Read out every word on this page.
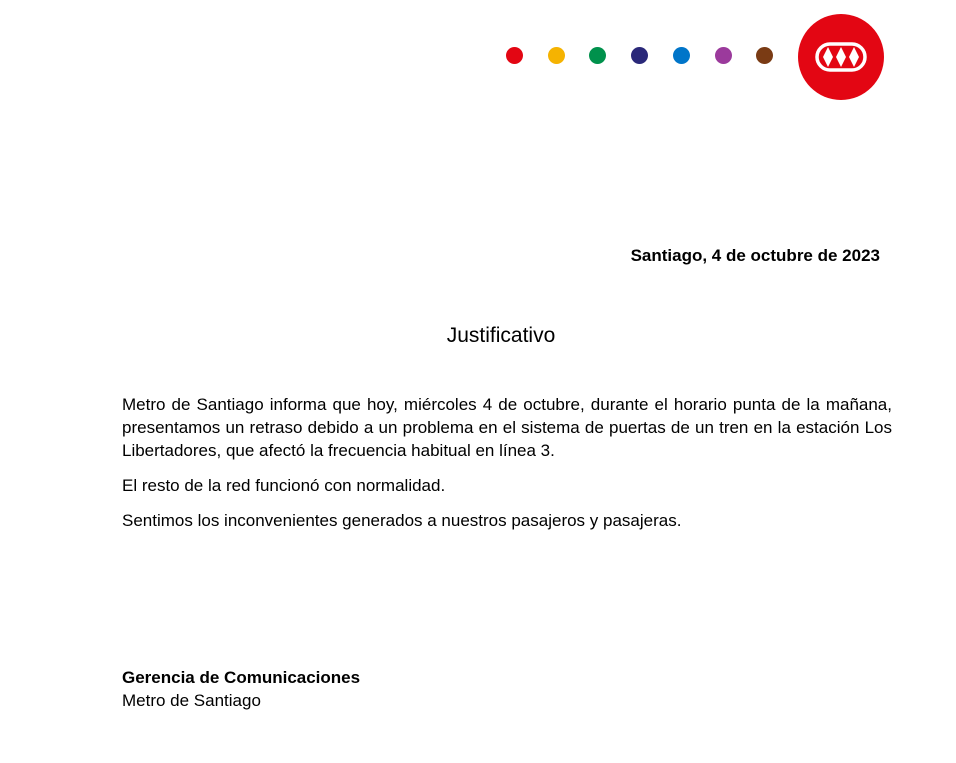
Santiago, 4 de octubre de 2023
Justificativo

Metro de Santiago informa que hoy, miércoles 4 de octubre, durante el horario punta de la mañana, presentamos un retraso debido a un problema en el sistema de puertas de un tren en la estación Los Libertadores, que afectó la frecuencia habitual en línea 3.

El resto de la red funcionó con normalidad.

Sentimos los inconvenientes generados a nuestros pasajeros y pasajeras.

Gerencia de Comunicaciones
Metro de Santiago
